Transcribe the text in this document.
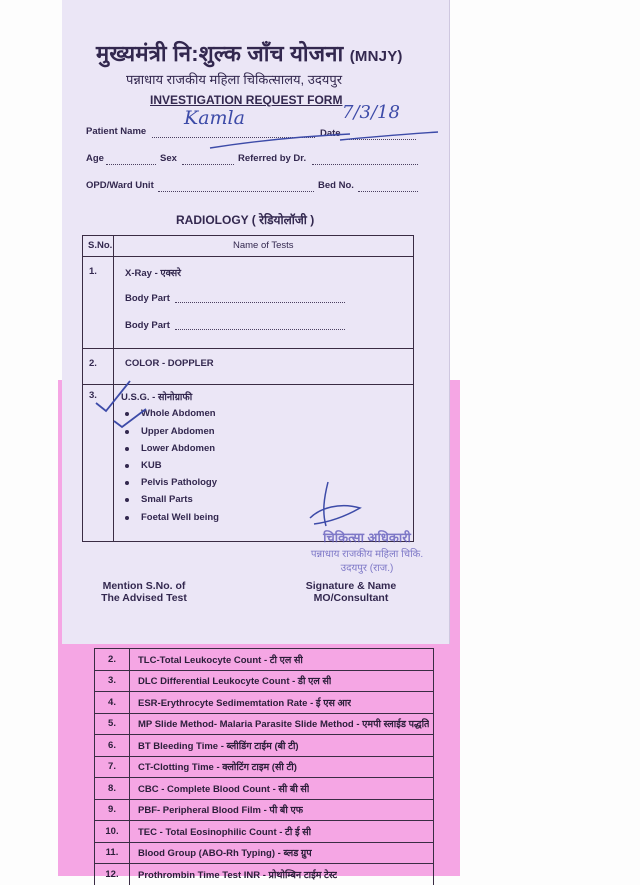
2.	TLC-Total Leukocyte Count - टी एल सी
3.	DLC Differential Leukocyte Count - डी एल सी
4.	ESR-Erythrocyte Sedimemtation Rate - ई एस आर
5.	MP Slide Method- Malaria Parasite Slide Method - एमपी स्लाईड पद्धति
6.	BT Bleeding Time - ब्लीडिंग टाईम (बी टी)
7.	CT-Clotting Time - क्लोटिंग टाइम (सी टी)
8.	CBC - Complete Blood Count - सी बी सी
9.	PBF- Peripheral Blood Film - पी बी एफ
10.	TEC - Total Eosinophilic Count - टी ई सी
11.	Blood Group (ABO-Rh Typing) - ब्लड ग्रुप
12.	Prothrombin Time Test INR - प्रोथोम्बिन टाईम टेस्ट
मुख्यमंत्री नि:शुल्क जाँच योजना (MNJY)
पन्नाधाय राजकीय महिला चिकित्सालय, उदयपुर
INVESTIGATION REQUEST FORM
Patient Name
Kamla
Date
7/3/18
Age	Sex	Referred by Dr.
OPD/Ward Unit	Bed No.
RADIOLOGY ( रेडियोलॉजी )
S.No.	Name of Tests
1.	X-Ray - एक्सरे
Body Part
Body Part
2.	COLOR - DOPPLER
3.	U.S.G. - सोनोग्राफी
Whole Abdomen
Upper Abdomen
Lower Abdomen
KUB
Pelvis Pathology
Small Parts
Foetal Well being
चिकित्सा अधिकारी
पन्नाधाय राजकीय महिला चिकि.
उदयपुर (राज.)
Mention S.No. of
The Advised Test
Signature & Name
MO/Consultant
